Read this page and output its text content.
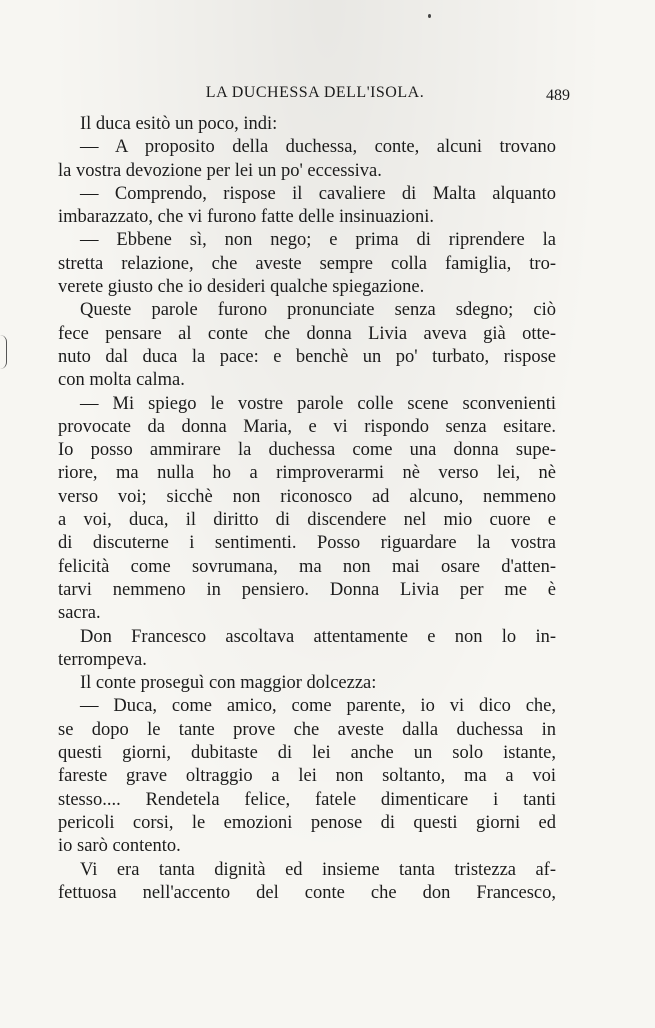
LA DUCHESSA DELL'ISOLA.	489
Il duca esitò un poco, indi:
— A proposito della duchessa, conte, alcuni trovano
la vostra devozione per lei un po' eccessiva.
— Comprendo, rispose il cavaliere di Malta alquanto
imbarazzato, che vi furono fatte delle insinuazioni.
— Ebbene sì, non nego; e prima di riprendere la
stretta relazione, che aveste sempre colla famiglia, tro-
verete giusto che io desideri qualche spiegazione.
Queste parole furono pronunciate senza sdegno; ciò
fece pensare al conte che donna Livia aveva già otte-
nuto dal duca la pace: e benchè un po' turbato, rispose
con molta calma.
— Mi spiego le vostre parole colle scene sconvenienti
provocate da donna Maria, e vi rispondo senza esitare.
Io posso ammirare la duchessa come una donna supe-
riore, ma nulla ho a rimproverarmi nè verso lei, nè
verso voi; sicchè non riconosco ad alcuno, nemmeno
a voi, duca, il diritto di discendere nel mio cuore e
di discuterne i sentimenti. Posso riguardare la vostra
felicità come sovrumana, ma non mai osare d'atten-
tarvi nemmeno in pensiero. Donna Livia per me è
sacra.
Don Francesco ascoltava attentamente e non lo in-
terrompeva.
Il conte proseguì con maggior dolcezza:
— Duca, come amico, come parente, io vi dico che,
se dopo le tante prove che aveste dalla duchessa in
questi giorni, dubitaste di lei anche un solo istante,
fareste grave oltraggio a lei non soltanto, ma a voi
stesso.... Rendetela felice, fatele dimenticare i tanti
pericoli corsi, le emozioni penose di questi giorni ed
io sarò contento.
Vi era tanta dignità ed insieme tanta tristezza af-
fettuosa nell'accento del conte che don Francesco,
